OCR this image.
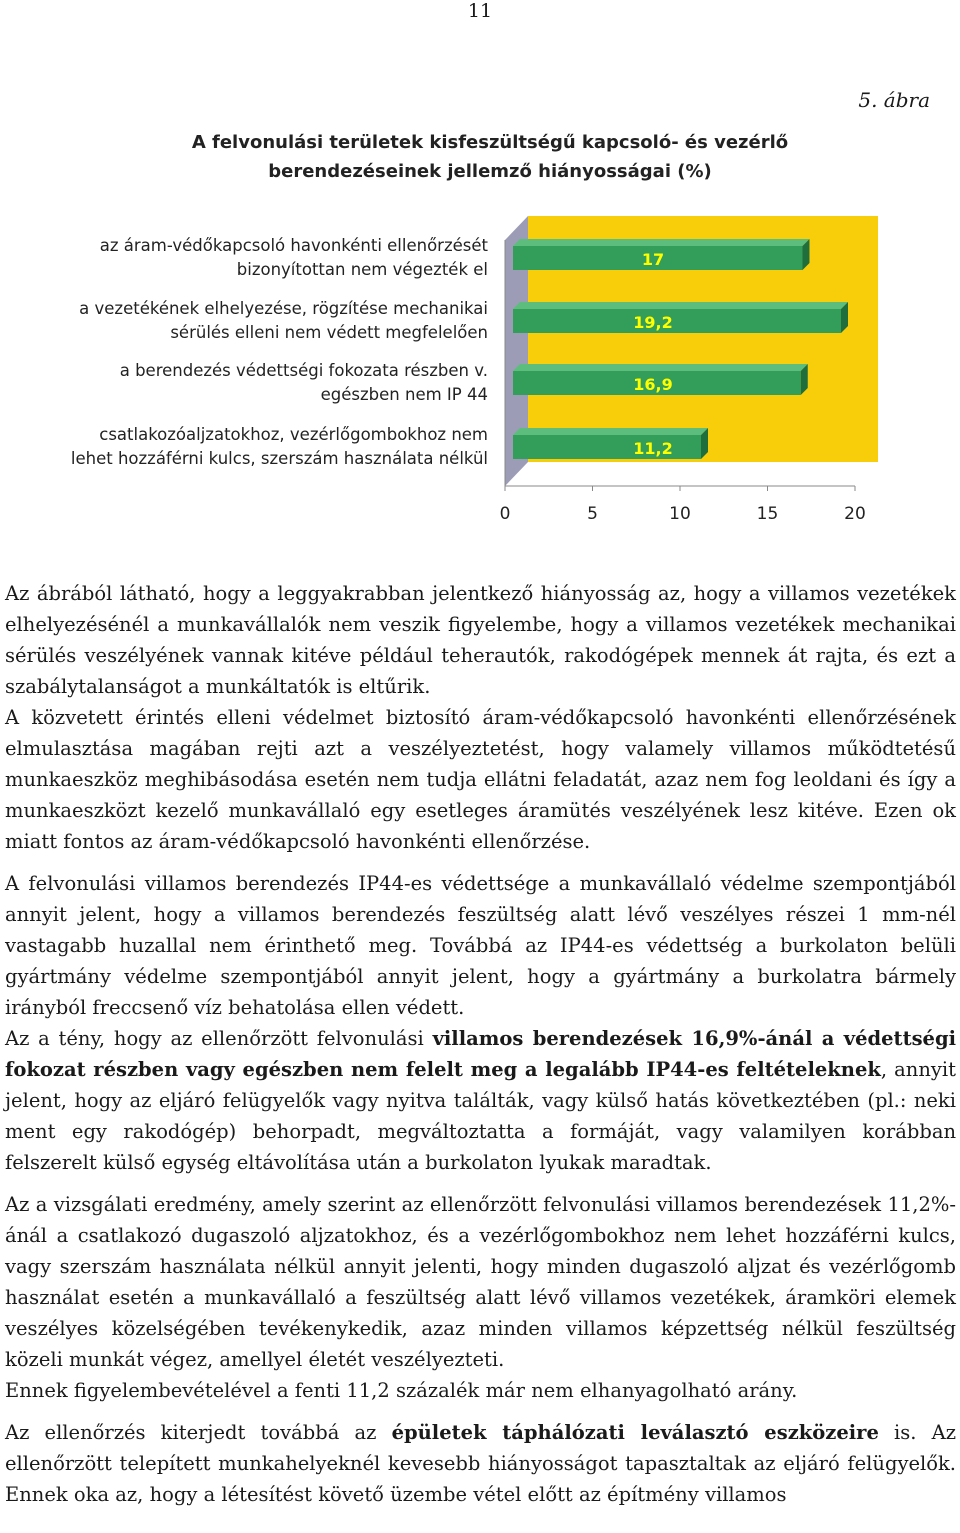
11
5. ábra
A felvonulási területek kisfeszültségű kapcsoló- és vezérlő
berendezéseinek jellemző hiányosságai (%)
0	5	10	15	20
17
az áram-védőkapcsoló havonkénti ellenőrzését
bizonyítottan nem végezték el
19,2
a vezetékének elhelyezése, rögzítése mechanikai
sérülés elleni nem védett megfelelően
16,9
a berendezés védettségi fokozata részben v.
egészben nem IP 44
11,2
csatlakozóaljzatokhoz, vezérlőgombokhoz nem
lehet hozzáférni kulcs, szerszám használata nélkül

Az ábrából látható, hogy a leggyakrabban jelentkező hiányosság az, hogy a villamos vezetékek elhelyezésénél a munkavállalók nem veszik figyelembe, hogy a villamos vezetékek mechanikai sérülés veszélyének vannak kitéve például teherautók, rakodógépek mennek át rajta, és ezt a szabálytalanságot a munkáltatók is eltűrik.

A közvetett érintés elleni védelmet biztosító áram-védőkapcsoló havonkénti ellenőrzésének elmulasztása magában rejti azt a veszélyeztetést, hogy valamely villamos működtetésű munkaeszköz meghibásodása esetén nem tudja ellátni feladatát, azaz nem fog leoldani és így a munkaeszközt kezelő munkavállaló egy esetleges áramütés veszélyének lesz kitéve. Ezen ok miatt fontos az áram-védőkapcsoló havonkénti ellenőrzése.

A felvonulási villamos berendezés IP44-es védettsége a munkavállaló védelme szempontjából annyit jelent, hogy a villamos berendezés feszültség alatt lévő veszélyes részei 1 mm-nél vastagabb huzallal nem érinthető meg. Továbbá az IP44-es védettség a burkolaton belüli gyártmány védelme szempontjából annyit jelent, hogy a gyártmány a burkolatra bármely irányból freccsenő víz behatolása ellen védett.

Az a tény, hogy az ellenőrzött felvonulási villamos berendezések 16,9%-ánál a védettségi fokozat részben vagy egészben nem felelt meg a legalább IP44-es feltételeknek, annyit jelent, hogy az eljáró felügyelők vagy nyitva találták, vagy külső hatás következtében (pl.: neki ment egy rakodógép) behorpadt, megváltoztatta a formáját, vagy valamilyen korábban felszerelt külső egység eltávolítása után a burkolaton lyukak maradtak.

Az a vizsgálati eredmény, amely szerint az ellenőrzött felvonulási villamos berendezések 11,2%-ánál a csatlakozó dugaszoló aljzatokhoz, és a vezérlőgombokhoz nem lehet hozzáférni kulcs, vagy szerszám használata nélkül annyit jelenti, hogy minden dugaszoló aljzat és vezérlőgomb használat esetén a munkavállaló a feszültség alatt lévő villamos vezetékek, áramköri elemek veszélyes közelségében tevékenykedik, azaz minden villamos képzettség nélkül feszültség közeli munkát végez, amellyel életét veszélyezteti.

Ennek figyelembevételével a fenti 11,2 százalék már nem elhanyagolható arány.

Az ellenőrzés kiterjedt továbbá az épületek táphálózati leválasztó eszközeire is. Az ellenőrzött telepített munkahelyeknél kevesebb hiányosságot tapasztaltak az eljáró felügyelők. Ennek oka az, hogy a létesítést követő üzembe vétel előtt az építmény villamos
